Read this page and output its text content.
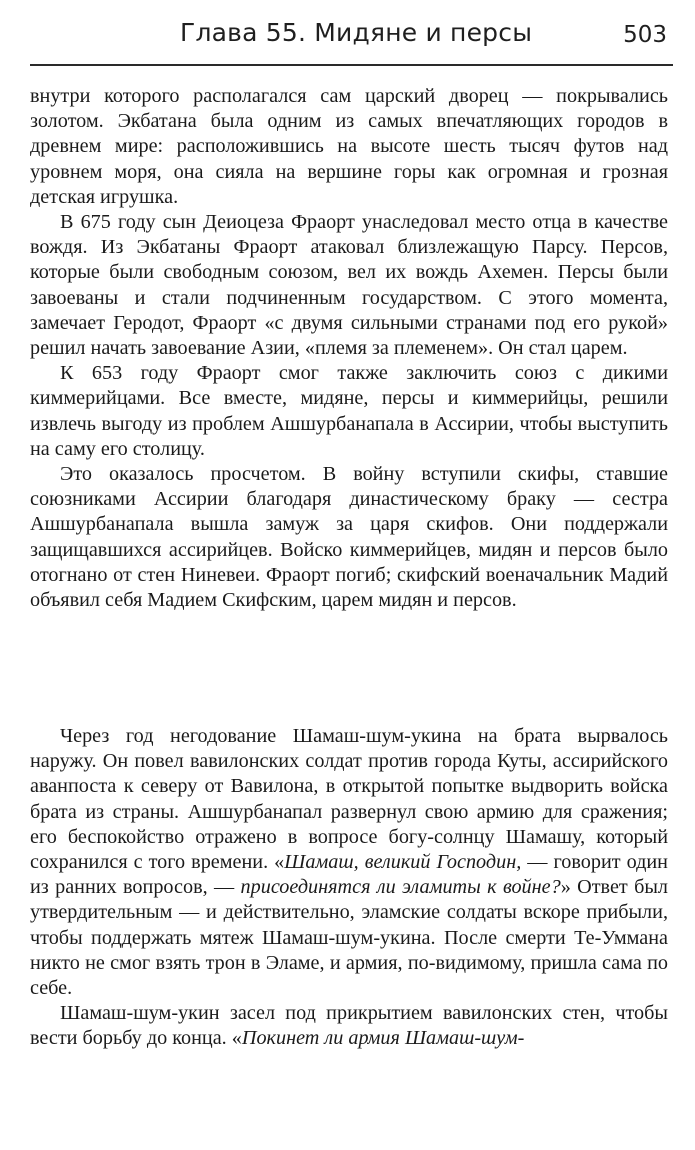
Глава 55. Мидяне и персы	503

внутри которого располагался сам царский дворец — покрывались золотом. Экбатана была одним из самых впечатляющих городов в древнем мире: расположившись на высоте шесть тысяч футов над уровнем моря, она сияла на вершине горы как огромная и грозная детская игрушка.

В 675 году сын Деиоцеза Фраорт унаследовал место отца в качестве вождя. Из Экбатаны Фраорт атаковал близлежащую Парсу. Персов, которые были свободным союзом, вел их вождь Ахемен. Персы были завоеваны и стали подчиненным государством. С этого момента, замечает Геродот, Фраорт «с двумя сильными странами под его рукой» решил начать завоевание Азии, «племя за племенем». Он стал царем.

К 653 году Фраорт смог также заключить союз с дикими киммерийцами. Все вместе, мидяне, персы и киммерийцы, решили извлечь выгоду из проблем Ашшурбанапала в Ассирии, чтобы выступить на саму его столицу.

Это оказалось просчетом. В войну вступили скифы, ставшие союзниками Ассирии благодаря династическому браку — сестра Ашшурбанапала вышла замуж за царя скифов. Они поддержали защищавшихся ассирийцев. Войско киммерийцев, мидян и персов было отогнано от стен Ниневеи. Фраорт погиб; скифский военачальник Мадий объявил себя Мадием Скифским, царем мидян и персов.

Через год негодование Шамаш-шум-укина на брата вырвалось наружу. Он повел вавилонских солдат против города Куты, ассирийского аванпоста к северу от Вавилона, в открытой попытке выдворить войска брата из страны. Ашшурбанапал развернул свою армию для сражения; его беспокойство отражено в вопросе богу-солнцу Шамашу, который сохранился с того времени. «Шамаш, великий Господин, — говорит один из ранних вопросов, — присоединятся ли эламиты к войне?» Ответ был утвердительным — и действительно, эламские солдаты вскоре прибыли, чтобы поддержать мятеж Шамаш-шум-укина. После смерти Те-Уммана никто не смог взять трон в Эламе, и армия, по-видимому, пришла сама по себе.

Шамаш-шум-укин засел под прикрытием вавилонских стен, чтобы вести борьбу до конца. «Покинет ли армия Шамаш-шум-
